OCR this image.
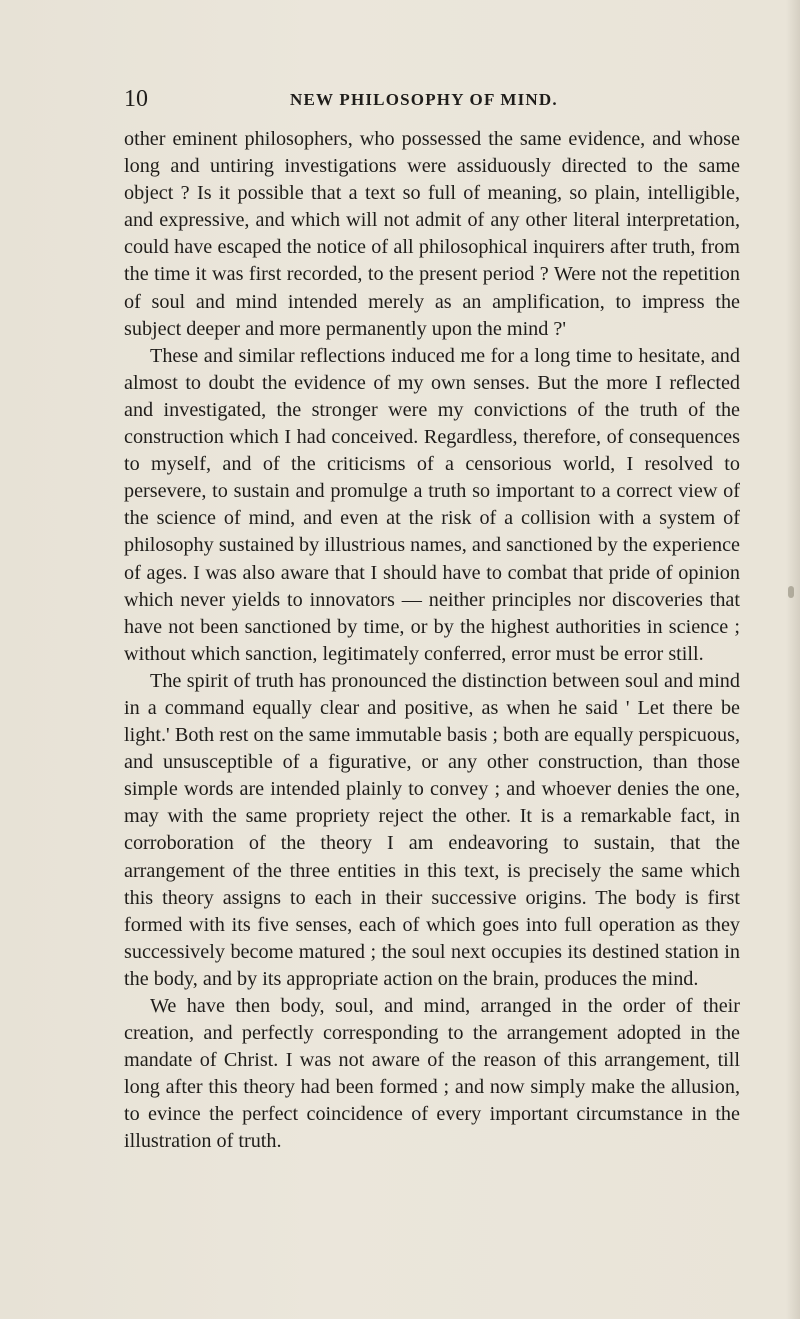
10	NEW PHILOSOPHY OF MIND.

other eminent philosophers, who possessed the same evidence, and whose long and untiring investigations were assiduously directed to the same object ? Is it possible that a text so full of meaning, so plain, intelligible, and expressive, and which will not admit of any other literal interpretation, could have escaped the notice of all philosophical inquirers after truth, from the time it was first recorded, to the present period ? Were not the repetition of soul and mind intended merely as an amplification, to impress the subject deeper and more permanently upon the mind ?'

These and similar reflections induced me for a long time to hesitate, and almost to doubt the evidence of my own senses. But the more I reflected and investigated, the stronger were my convictions of the truth of the construction which I had conceived. Regardless, therefore, of consequences to myself, and of the criticisms of a censorious world, I resolved to persevere, to sustain and promulge a truth so important to a correct view of the science of mind, and even at the risk of a collision with a system of philosophy sustained by illustrious names, and sanctioned by the experience of ages. I was also aware that I should have to combat that pride of opinion which never yields to innovators — neither principles nor discoveries that have not been sanctioned by time, or by the highest authorities in science ; without which sanction, legitimately conferred, error must be error still.

The spirit of truth has pronounced the distinction between soul and mind in a command equally clear and positive, as when he said ' Let there be light.' Both rest on the same immutable basis ; both are equally perspicuous, and unsusceptible of a figurative, or any other construction, than those simple words are intended plainly to convey ; and whoever denies the one, may with the same propriety reject the other. It is a remarkable fact, in corroboration of the theory I am endeavoring to sustain, that the arrangement of the three entities in this text, is precisely the same which this theory assigns to each in their successive origins. The body is first formed with its five senses, each of which goes into full operation as they successively become matured ; the soul next occupies its destined station in the body, and by its appropriate action on the brain, produces the mind.

We have then body, soul, and mind, arranged in the order of their creation, and perfectly corresponding to the arrangement adopted in the mandate of Christ. I was not aware of the reason of this arrangement, till long after this theory had been formed ; and now simply make the allusion, to evince the perfect coincidence of every important circumstance in the illustration of truth.
